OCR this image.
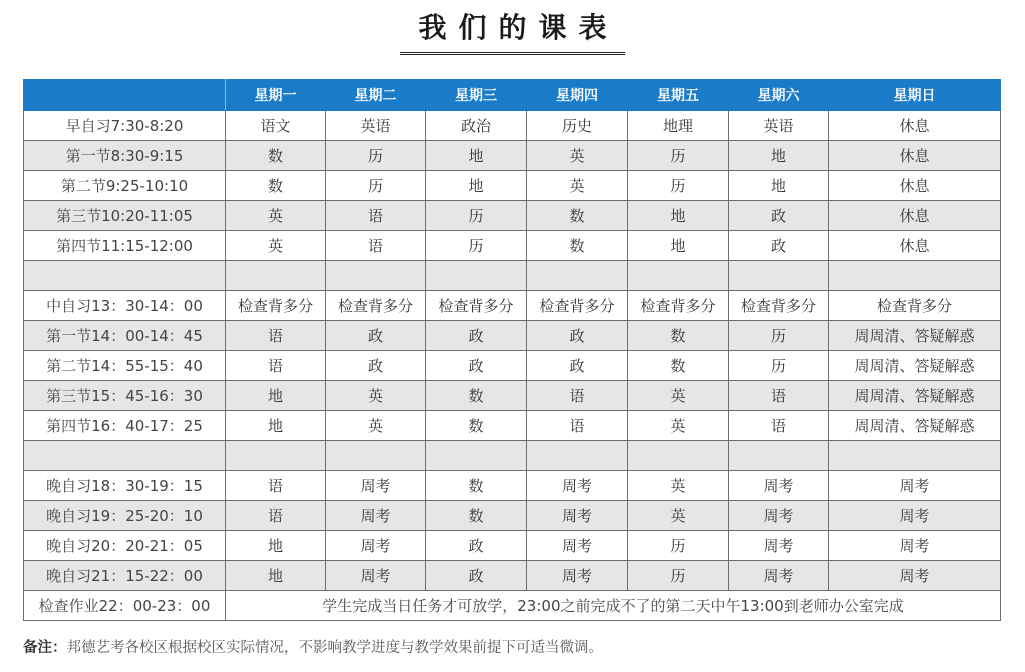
我们的课表
	星期一	星期二	星期三	星期四	星期五	星期六	星期日
早自习7:30-8:20	语文	英语	政治	历史	地理	英语	休息
第一节8:30-9:15	数	历	地	英	历	地	休息
第二节9:25-10:10	数	历	地	英	历	地	休息
第三节10:20-11:05	英	语	历	数	地	政	休息
第四节11:15-12:00	英	语	历	数	地	政	休息

中自习13：30-14：00	检查背多分	检查背多分	检查背多分	检查背多分	检查背多分	检查背多分	检查背多分
第一节14：00-14：45	语	政	政	政	数	历	周周清、答疑解惑
第二节14：55-15：40	语	政	政	政	数	历	周周清、答疑解惑
第三节15：45-16：30	地	英	数	语	英	语	周周清、答疑解惑
第四节16：40-17：25	地	英	数	语	英	语	周周清、答疑解惑

晚自习18：30-19：15	语	周考	数	周考	英	周考	周考
晚自习19：25-20：10	语	周考	数	周考	英	周考	周考
晚自习20：20-21：05	地	周考	政	周考	历	周考	周考
晚自习21：15-22：00	地	周考	政	周考	历	周考	周考
检查作业22：00-23：00	学生完成当日任务才可放学，23:00之前完成不了的第二天中午13:00到老师办公室完成						
备注：邦德艺考各校区根据校区实际情况，不影响教学进度与教学效果前提下可适当微调。
